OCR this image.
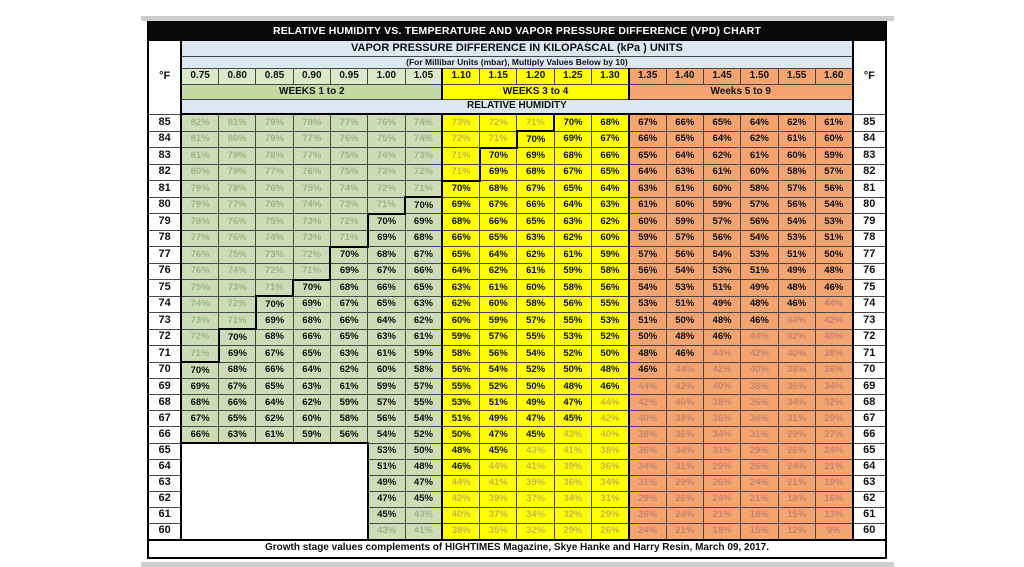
RELATIVE HUMIDITY VS. TEMPERATURE AND VAPOR PRESSURE DIFFERENCE (VPD) CHART																			
°F	VAPOR PRESSURE DIFFERENCE IN KILOPASCAL (kPa ) UNITS																		°F
	(For Millibar Units (mbar), Multiply Values Below by 10)																		
	0.75	0.80	0.85	0.90	0.95	1.00	1.05	1.10	1.15	1.20	1.25	1.30	1.35	1.40	1.45	1.50	1.55	1.60	
	WEEKS 1 to 2							WEEKS 3 to 4					Weeks 5 to 9						
	RELATIVE HUMIDITY																		
85	82%	81%	79%	78%	77%	76%	74%	73%	72%	71%	70%	68%	67%	66%	65%	64%	62%	61%	85
84	81%	80%	79%	77%	76%	75%	74%	72%	71%	70%	69%	67%	66%	65%	64%	62%	61%	60%	84
83	81%	79%	78%	77%	75%	74%	73%	71%	70%	69%	68%	66%	65%	64%	62%	61%	60%	59%	83
82	80%	79%	77%	76%	75%	73%	72%	71%	69%	68%	67%	65%	64%	63%	61%	60%	58%	57%	82
81	79%	78%	76%	75%	74%	72%	71%	70%	68%	67%	65%	64%	63%	61%	60%	58%	57%	56%	81
80	79%	77%	76%	74%	73%	71%	70%	69%	67%	66%	64%	63%	61%	60%	59%	57%	56%	54%	80
79	78%	76%	75%	73%	72%	70%	69%	68%	66%	65%	63%	62%	60%	59%	57%	56%	54%	53%	79
78	77%	76%	74%	73%	71%	69%	68%	66%	65%	63%	62%	60%	59%	57%	56%	54%	53%	51%	78
77	76%	75%	73%	72%	70%	68%	67%	65%	64%	62%	61%	59%	57%	56%	54%	53%	51%	50%	77
76	76%	74%	72%	71%	69%	67%	66%	64%	62%	61%	59%	58%	56%	54%	53%	51%	49%	48%	76
75	75%	73%	71%	70%	68%	66%	65%	63%	61%	60%	58%	56%	54%	53%	51%	49%	48%	46%	75
74	74%	72%	70%	69%	67%	65%	63%	62%	60%	58%	56%	55%	53%	51%	49%	48%	46%	44%	74
73	73%	71%	69%	68%	66%	64%	62%	60%	59%	57%	55%	53%	51%	50%	48%	46%	44%	42%	73
72	72%	70%	68%	66%	65%	63%	61%	59%	57%	55%	53%	52%	50%	48%	46%	44%	42%	40%	72
71	71%	69%	67%	65%	63%	61%	59%	58%	56%	54%	52%	50%	48%	46%	44%	42%	40%	38%	71
70	70%	68%	66%	64%	62%	60%	58%	56%	54%	52%	50%	48%	46%	44%	42%	40%	38%	36%	70
69	69%	67%	65%	63%	61%	59%	57%	55%	52%	50%	48%	46%	44%	42%	40%	38%	36%	34%	69
68	68%	66%	64%	62%	59%	57%	55%	53%	51%	49%	47%	44%	42%	40%	38%	36%	34%	32%	68
67	67%	65%	62%	60%	58%	56%	54%	51%	49%	47%	45%	42%	40%	38%	36%	34%	31%	29%	67
66	66%	63%	61%	59%	56%	54%	52%	50%	47%	45%	43%	40%	38%	36%	34%	31%	29%	27%	66
65						53%	50%	48%	45%	43%	41%	38%	36%	34%	31%	29%	26%	24%	65
64						51%	48%	46%	44%	41%	39%	36%	34%	31%	29%	26%	24%	21%	64
63						49%	47%	44%	41%	39%	36%	34%	31%	29%	26%	24%	21%	19%	63
62						47%	45%	42%	39%	37%	34%	31%	29%	26%	24%	21%	18%	16%	62
61						45%	43%	40%	37%	34%	32%	29%	26%	24%	21%	18%	15%	13%	61
60						43%	41%	38%	35%	32%	29%	26%	24%	21%	18%	15%	12%	9%	60
Growth stage values complements of HIGHTIMES Magazine, Skye Hanke and Harry Resin, March 09, 2017.																			
